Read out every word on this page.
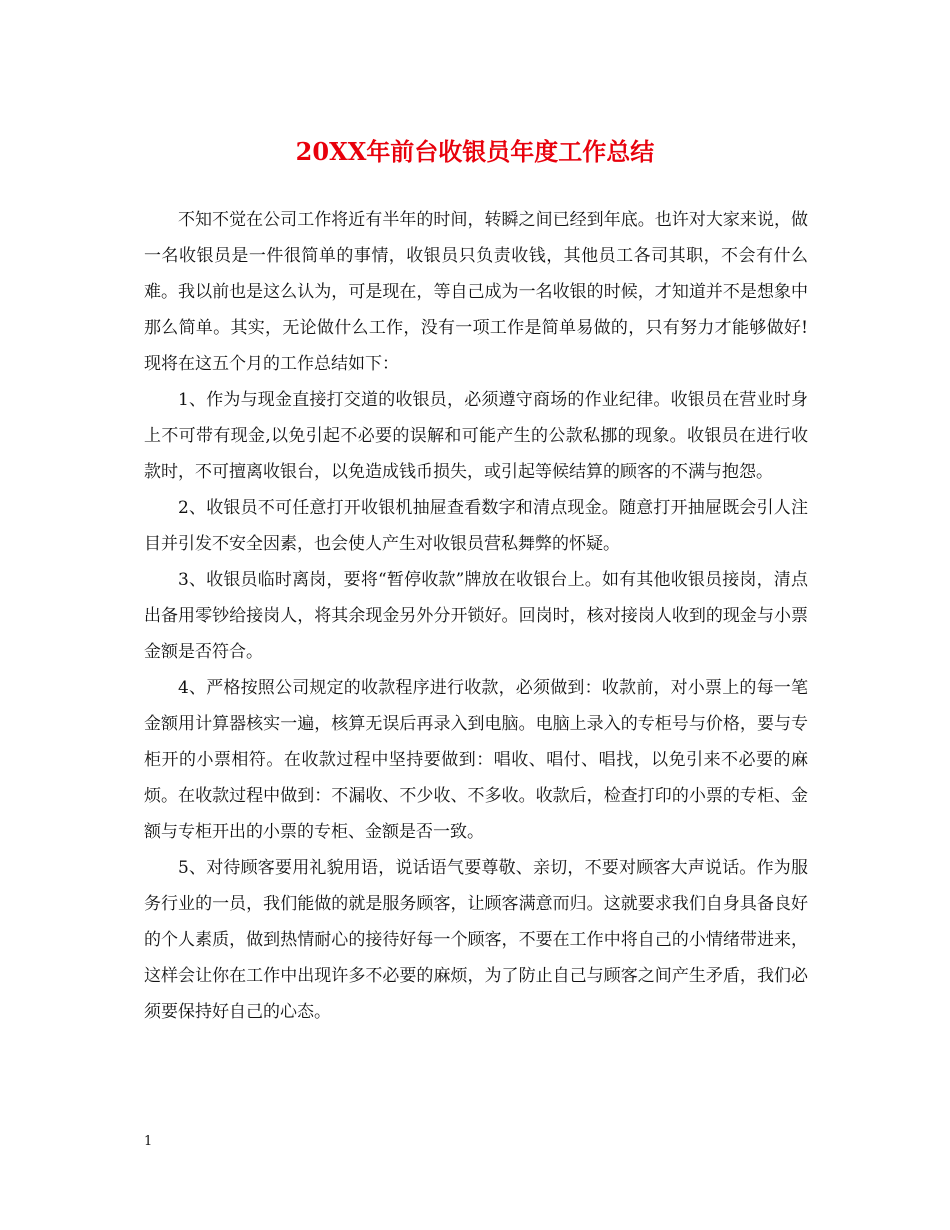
20XX年前台收银员年度工作总结

不知不觉在公司工作将近有半年的时间，转瞬之间已经到年底。也许对大家来说，做一名收银员是一件很简单的事情，收银员只负责收钱，其他员工各司其职，不会有什么难。我以前也是这么认为，可是现在，等自己成为一名收银的时候，才知道并不是想象中那么简单。其实，无论做什么工作，没有一项工作是简单易做的，只有努力才能够做好!现将在这五个月的工作总结如下：

1、作为与现金直接打交道的收银员，必须遵守商场的作业纪律。收银员在营业时身上不可带有现金,以免引起不必要的误解和可能产生的公款私挪的现象。收银员在进行收款时，不可擅离收银台，以免造成钱币损失，或引起等候结算的顾客的不满与抱怨。

2、收银员不可任意打开收银机抽屉查看数字和清点现金。随意打开抽屉既会引人注目并引发不安全因素，也会使人产生对收银员营私舞弊的怀疑。

3、收银员临时离岗，要将“暂停收款”牌放在收银台上。如有其他收银员接岗，清点出备用零钞给接岗人，将其余现金另外分开锁好。回岗时，核对接岗人收到的现金与小票金额是否符合。

4、严格按照公司规定的收款程序进行收款，必须做到：收款前，对小票上的每一笔金额用计算器核实一遍，核算无误后再录入到电脑。电脑上录入的专柜号与价格，要与专柜开的小票相符。在收款过程中坚持要做到：唱收、唱付、唱找，以免引来不必要的麻烦。在收款过程中做到：不漏收、不少收、不多收。收款后，检查打印的小票的专柜、金额与专柜开出的小票的专柜、金额是否一致。

5、对待顾客要用礼貌用语，说话语气要尊敬、亲切，不要对顾客大声说话。作为服务行业的一员，我们能做的就是服务顾客，让顾客满意而归。这就要求我们自身具备良好的个人素质，做到热情耐心的接待好每一个顾客，不要在工作中将自己的小情绪带进来，这样会让你在工作中出现许多不必要的麻烦，为了防止自己与顾客之间产生矛盾，我们必须要保持好自己的心态。

1
